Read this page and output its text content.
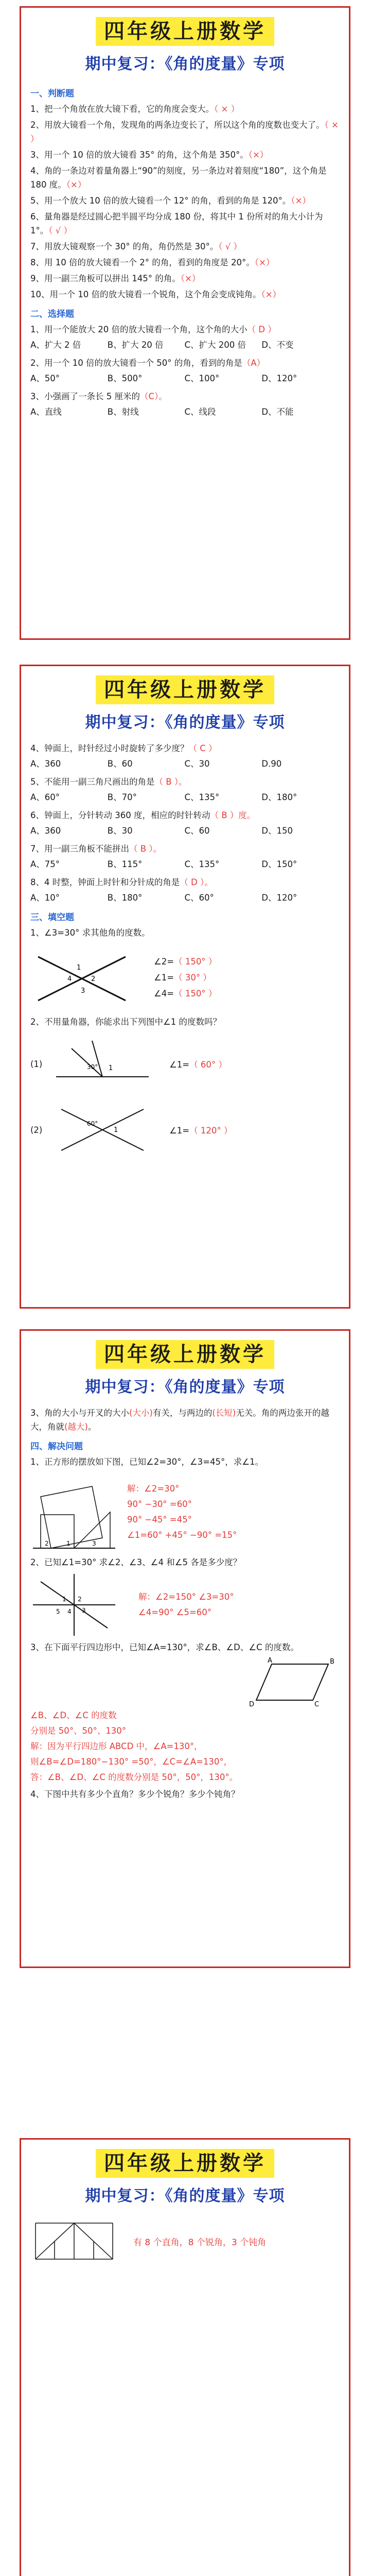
四年级上册数学
期中复习：《角的度量》专项
一、判断题
1、把一个角放在放大镜下看，它的角度会变大。（ × ）
2、用放大镜看一个角，发现角的两条边变长了，所以这个角的度数也变大了。（ × ）
3、用一个 10 倍的放大镜看 35° 的角，这个角是 350°。（×）
4、角的一条边对着量角器上“90”的刻度，另一条边对着刻度“180”，这个角是 180 度。（×）
5、用一个放大 10 倍的放大镜看一个 12° 的角，看到的角是 120°。（×）
6、量角器是经过圆心把半圆平均分成 180 份，将其中 1 份所对的角大小计为 1°。（ √ ）
7、用放大镜观察一个 30° 的角，角仍然是 30°。（ √ ）
8、用 10 倍的放大镜看一个 2° 的角，看到的角度是 20°。（×）
9、用一副三角板可以拼出 145° 的角。（×）
10、用一个 10 倍的放大镜看一个锐角，这个角会变成钝角。（×）
二、选择题
1、用一个能放大 20 倍的放大镜看一个角，这个角的大小（ D ）
A、扩大 2 倍	B、扩大 20 倍	C、扩大 200 倍	D、不变
2、用一个 10 倍的放大镜看一个 50° 的角，看到的角是（A）
A、50°	B、500°	C、100°	D、120°
3、小强画了一条长 5 厘米的（C）。
A、直线	B、射线	C、线段	D、不能
四年级上册数学
期中复习：《角的度量》专项
4、钟面上，时针经过小时旋转了多少度？（ C ）
A、360	B、60	C、30	D.90
5、不能用一副三角尺画出的角是（ B ）。
A、60°	B、70°	C、135°	D、180°
6、钟面上，分针转动 360 度，相应的时针转动（ B ）度。
A、360	B、30	C、60	D、150
7、用一副三角板不能拼出（ B ）。
A、75°	B、115°	C、135°	D、150°
8、4 时整，钟面上时针和分针成的角是（ D ）。
A、10°	B、180°	C、60°	D、120°
三、填空题
1、∠3=30° 求其他角的度数。
1
2
3
4
∠2=（ 150° ）
∠1=（ 30° ）
∠4=（ 150° ）
2、不用量角器，你能求出下列图中∠1 的度数吗？
(1)	30° 1	∠1=（ 60° ）
(2)
60°
1	∠1=（ 120° ）
四年级上册数学
期中复习：《角的度量》专项
3、角的大小与开叉的大小(大小)有关，与两边的(长短)无关。角的两边张开的越大，角就(越大)。
四、解决问题
1、正方形的摆放如下图，已知∠2=30°，∠3=45°，求∠1。
1
2	3
解：∠2=30°
90° −30° =60°
90° −45° =45°
∠1=60° +45° −90° =15°
2、已知∠1=30° 求∠2、∠3、∠4 和∠5 各是多少度？
1 2
3
4
5
解：∠2=150° ∠3=30°
∠4=90° ∠5=60°
3、在下面平行四边形中，已知∠A=130°，求∠B、∠D、∠C 的度数。
A	B
C
D
∠B、∠D、∠C 的度数
分别是 50°、50°、130°
解：因为平行四边形 ABCD 中，∠A=130°，
则∠B=∠D=180°−130° =50°，∠C=∠A=130°，
答：∠B、∠D、∠C 的度数分别是 50°，50°，130°。
4、下图中共有多少个直角？多少个锐角？多少个钝角？
四年级上册数学
期中复习：《角的度量》专项
有 8 个直角，8 个锐角，3 个钝角
